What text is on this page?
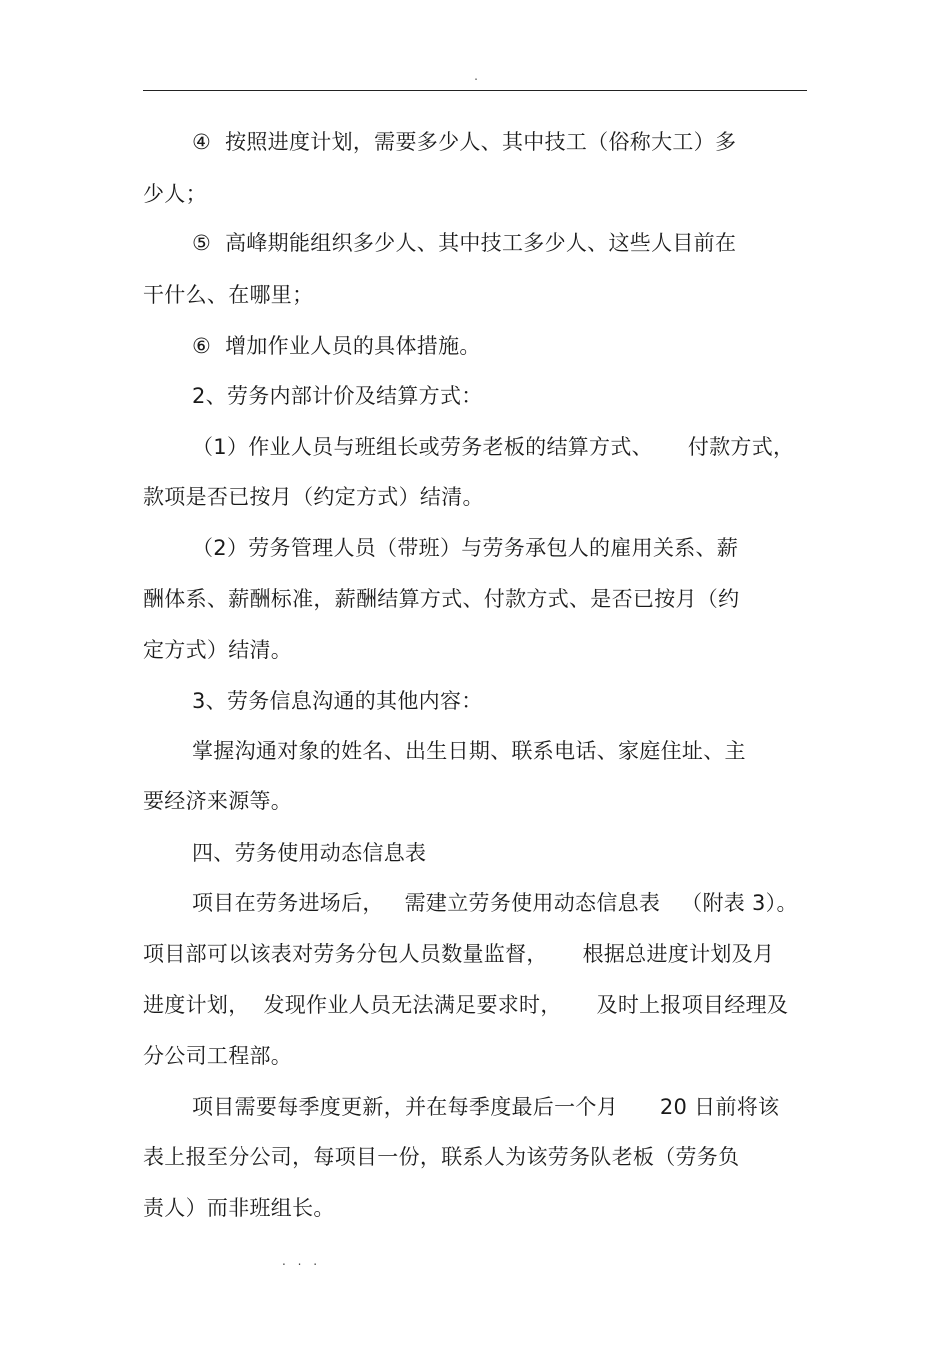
.
④  按照进度计划，需要多少人、其中技工（俗称大工）多
少人；
⑤  高峰期能组织多少人、其中技工多少人、这些人目前在
干什么、在哪里；
⑥  增加作业人员的具体措施。
2、劳务内部计价及结算方式：
（1）作业人员与班组长或劳务老板的结算方式、     付款方式，
款项是否已按月（约定方式）结清。
（2）劳务管理人员（带班）与劳务承包人的雇用关系、薪
酬体系、薪酬标准，薪酬结算方式、付款方式、是否已按月（约
定方式）结清。
3、劳务信息沟通的其他内容：
掌握沟通对象的姓名、出生日期、联系电话、家庭住址、主
要经济来源等。
四、劳务使用动态信息表
项目在劳务进场后，   需建立劳务使用动态信息表   （附表 3）。
项目部可以该表对劳务分包人员数量监督，     根据总进度计划及月
进度计划，  发现作业人员无法满足要求时，     及时上报项目经理及
分公司工程部。
项目需要每季度更新，并在每季度最后一个月      20 日前将该
表上报至分公司，每项目一份，联系人为该劳务队老板（劳务负
责人）而非班组长。
. . .
